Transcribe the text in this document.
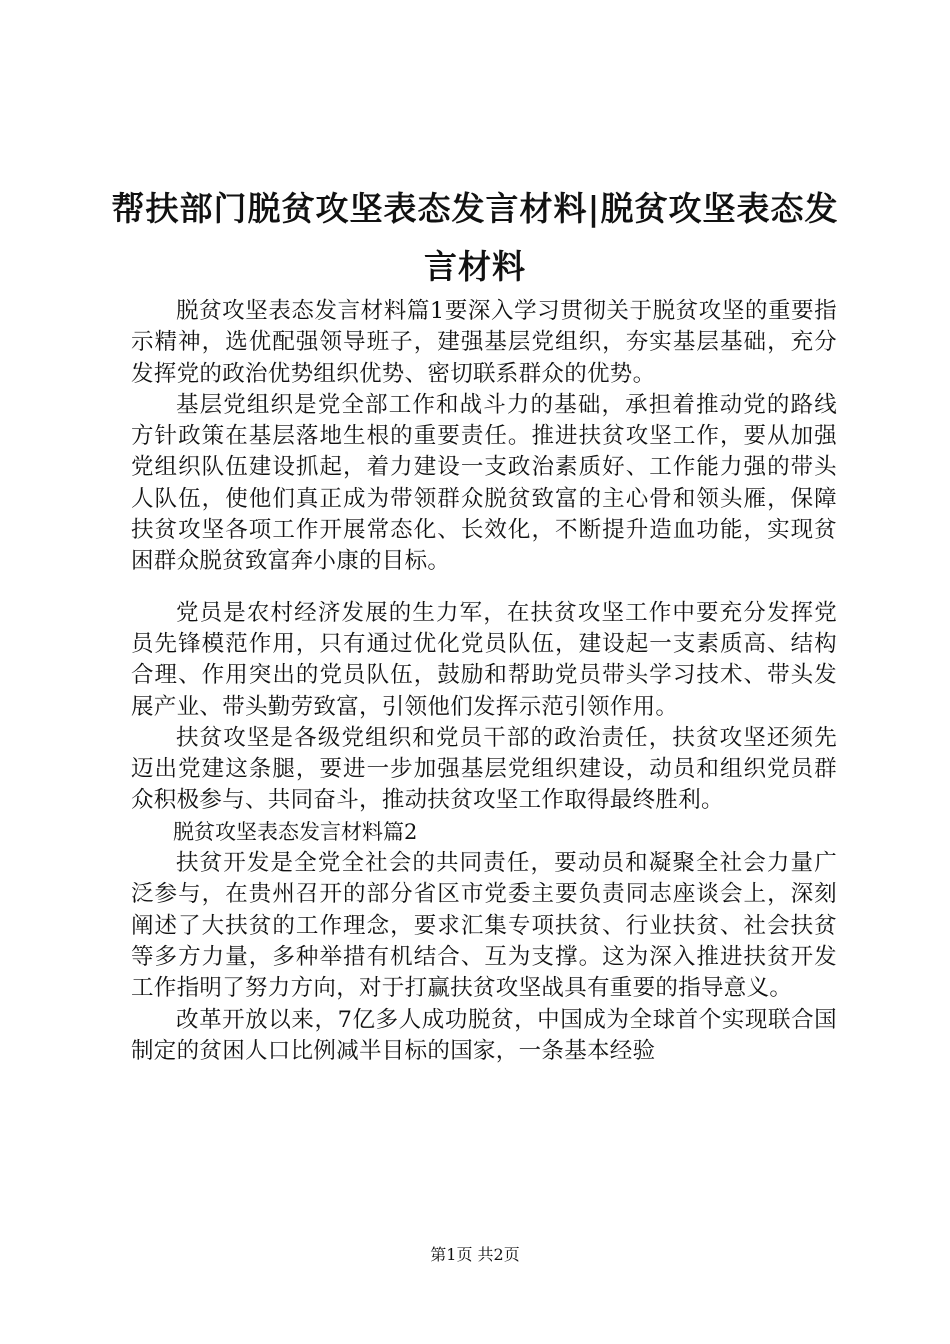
帮扶部门脱贫攻坚表态发言材料|脱贫攻坚表态发言材料

脱贫攻坚表态发言材料篇1要深入学习贯彻关于脱贫攻坚的重要指示精神，选优配强领导班子，建强基层党组织，夯实基层基础，充分发挥党的政治优势组织优势、密切联系群众的优势。

基层党组织是党全部工作和战斗力的基础，承担着推动党的路线方针政策在基层落地生根的重要责任。推进扶贫攻坚工作，要从加强党组织队伍建设抓起，着力建设一支政治素质好、工作能力强的带头人队伍，使他们真正成为带领群众脱贫致富的主心骨和领头雁，保障扶贫攻坚各项工作开展常态化、长效化，不断提升造血功能，实现贫困群众脱贫致富奔小康的目标。

党员是农村经济发展的生力军，在扶贫攻坚工作中要充分发挥党员先锋模范作用，只有通过优化党员队伍，建设起一支素质高、结构合理、作用突出的党员队伍，鼓励和帮助党员带头学习技术、带头发展产业、带头勤劳致富，引领他们发挥示范引领作用。

扶贫攻坚是各级党组织和党员干部的政治责任，扶贫攻坚还须先迈出党建这条腿，要进一步加强基层党组织建设，动员和组织党员群众积极参与、共同奋斗，推动扶贫攻坚工作取得最终胜利。

脱贫攻坚表态发言材料篇2

扶贫开发是全党全社会的共同责任，要动员和凝聚全社会力量广泛参与，在贵州召开的部分省区市党委主要负责同志座谈会上，深刻阐述了大扶贫的工作理念，要求汇集专项扶贫、行业扶贫、社会扶贫等多方力量，多种举措有机结合、互为支撑。这为深入推进扶贫开发工作指明了努力方向，对于打赢扶贫攻坚战具有重要的指导意义。

改革开放以来，7亿多人成功脱贫，中国成为全球首个实现联合国制定的贫困人口比例减半目标的国家，一条基本经验

第1页 共2页
